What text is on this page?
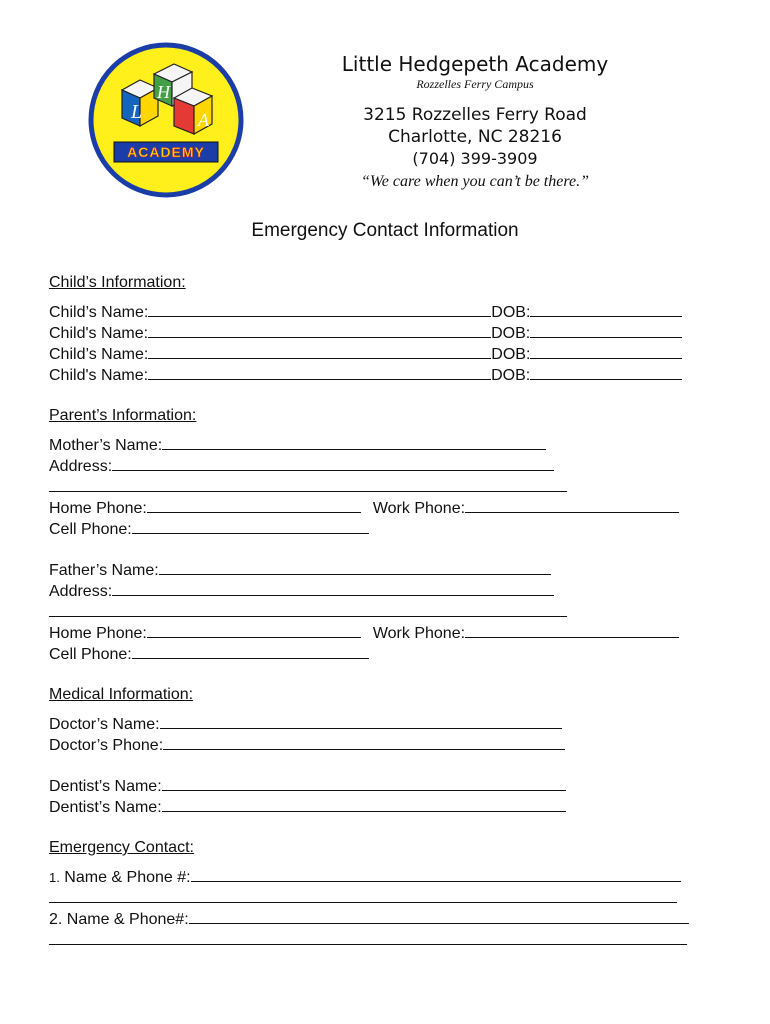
L
H
A
ACADEMY
Little Hedgepeth Academy
Rozzelles Ferry Campus
3215 Rozzelles Ferry Road
Charlotte, NC 28216
(704) 399-3909
“We care when you can’t be there.”
Emergency Contact Information
Child’s Information:
Child’s Name:	DOB:
Child's Name:	DOB:
Child’s Name:	DOB:
Child's Name:	DOB:
Parent’s Information:
Mother’s Name:
Address:
Home Phone:	Work Phone:
Cell Phone:
Father’s Name:
Address:
Home Phone:	Work Phone:
Cell Phone:
Medical Information:
Doctor’s Name:
Doctor’s Phone:
Dentist’s Name:
Dentist’s Name:
Emergency Contact:
1. Name & Phone #:
2. Name & Phone#:
